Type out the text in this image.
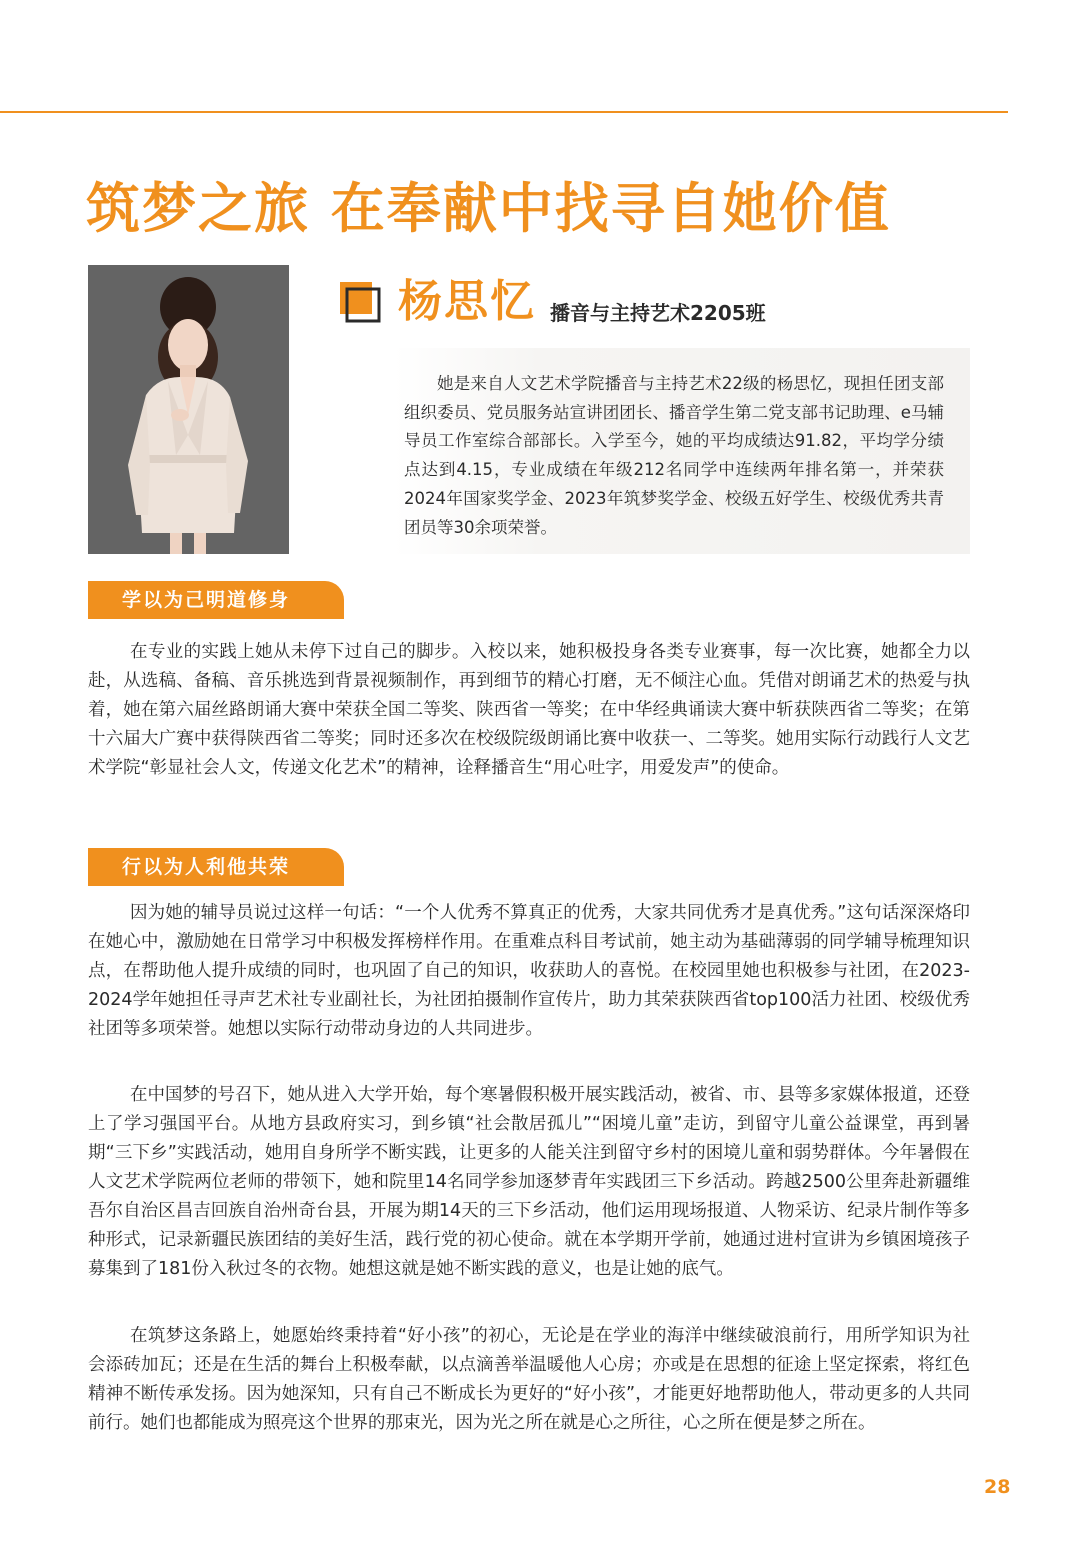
筑梦之旅 在奉献中找寻自她价值
杨思忆 播音与主持艺术2205班

她是来自人文艺术学院播音与主持艺术22级的杨思忆，现担任团支部组织委员、党员服务站宣讲团团长、播音学生第二党支部书记助理、e马辅导员工作室综合部部长。入学至今，她的平均成绩达91.82，平均学分绩点达到4.15，专业成绩在年级212名同学中连续两年排名第一，并荣获2024年国家奖学金、2023年筑梦奖学金、校级五好学生、校级优秀共青团员等30余项荣誉。

学以为己明道修身

在专业的实践上她从未停下过自己的脚步。入校以来，她积极投身各类专业赛事，每一次比赛，她都全力以赴，从选稿、备稿、音乐挑选到背景视频制作，再到细节的精心打磨，无不倾注心血。凭借对朗诵艺术的热爱与执着，她在第六届丝路朗诵大赛中荣获全国二等奖、陕西省一等奖；在中华经典诵读大赛中斩获陕西省二等奖；在第十六届大广赛中获得陕西省二等奖；同时还多次在校级院级朗诵比赛中收获一、二等奖。她用实际行动践行人文艺术学院“彰显社会人文，传递文化艺术”的精神，诠释播音生“用心吐字，用爱发声”的使命。

行以为人利他共荣

因为她的辅导员说过这样一句话：“一个人优秀不算真正的优秀，大家共同优秀才是真优秀。”这句话深深烙印在她心中，激励她在日常学习中积极发挥榜样作用。在重难点科目考试前，她主动为基础薄弱的同学辅导梳理知识点，在帮助他人提升成绩的同时，也巩固了自己的知识，收获助人的喜悦。在校园里她也积极参与社团，在2023-2024学年她担任寻声艺术社专业副社长，为社团拍摄制作宣传片，助力其荣获陕西省top100活力社团、校级优秀社团等多项荣誉。她想以实际行动带动身边的人共同进步。

在中国梦的号召下，她从进入大学开始，每个寒暑假积极开展实践活动，被省、市、县等多家媒体报道，还登上了学习强国平台。从地方县政府实习，到乡镇“社会散居孤儿”“困境儿童”走访，到留守儿童公益课堂，再到暑期“三下乡”实践活动，她用自身所学不断实践，让更多的人能关注到留守乡村的困境儿童和弱势群体。今年暑假在人文艺术学院两位老师的带领下，她和院里14名同学参加逐梦青年实践团三下乡活动。跨越2500公里奔赴新疆维吾尔自治区昌吉回族自治州奇台县，开展为期14天的三下乡活动，他们运用现场报道、人物采访、纪录片制作等多种形式，记录新疆民族团结的美好生活，践行党的初心使命。就在本学期开学前，她通过进村宣讲为乡镇困境孩子募集到了181份入秋过冬的衣物。她想这就是她不断实践的意义，也是让她的底气。

在筑梦这条路上，她愿始终秉持着“好小孩”的初心，无论是在学业的海洋中继续破浪前行，用所学知识为社会添砖加瓦；还是在生活的舞台上积极奉献，以点滴善举温暖他人心房；亦或是在思想的征途上坚定探索，将红色精神不断传承发扬。因为她深知，只有自己不断成长为更好的“好小孩”，才能更好地帮助他人，带动更多的人共同前行。她们也都能成为照亮这个世界的那束光，因为光之所在就是心之所往，心之所在便是梦之所在。

28
